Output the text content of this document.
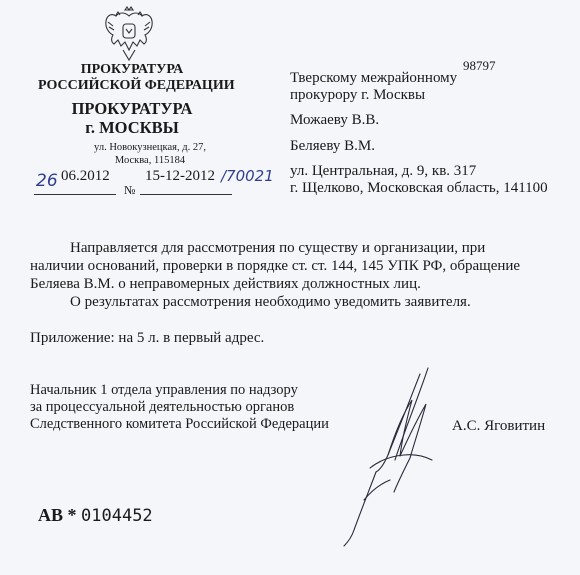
ПРОКУРАТУРА
РОССИЙСКОЙ ФЕДЕРАЦИИ
ПРОКУРАТУРА
г. МОСКВЫ
ул. Новокузнецкая, д. 27,
Москва, 115184
26 06.2012 15-12-2012 /70021
№
98797
Тверскому межрайонному
прокурору г. Москвы
Можаеву В.В.
Беляеву В.М.
ул. Центральная, д. 9, кв. 317
г. Щелково, Московская область, 141100
Направляется для рассмотрения по существу и организации, при
наличии оснований, проверки в порядке ст. ст. 144, 145 УПК РФ, обращение
Беляева В.М. о неправомерных действиях должностных лиц.
О результатах рассмотрения необходимо уведомить заявителя.
Приложение: на 5 л. в первый адрес.
Начальник 1 отдела управления по надзору
за процессуальной деятельностью органов
Следственного комитета Российской Федерации	А.С. Яговитин
АВ * 0104452
